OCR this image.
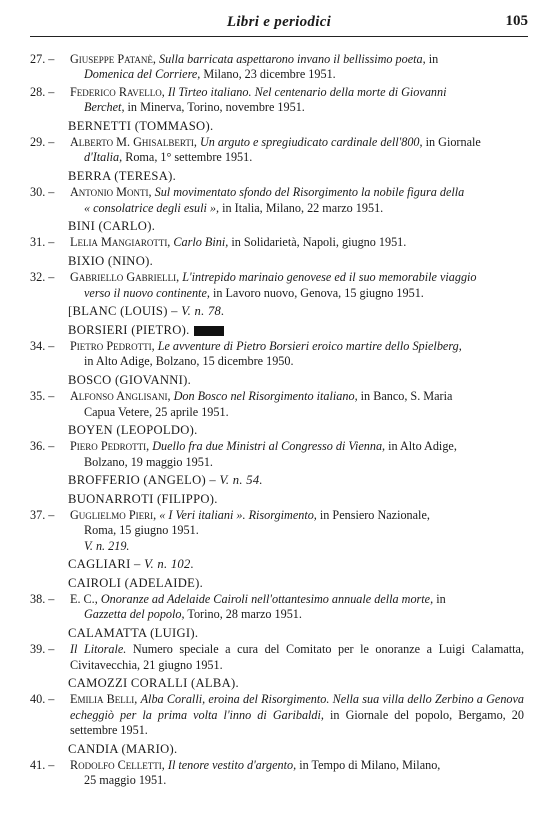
Libri e periodici	105
27. –	Giuseppe Patanè, Sulla barricata aspettarono invano il bellissimo poeta, in
Domenica del Corriere, Milano, 23 dicembre 1951.
28. –	Federico Ravello, Il Tirteo italiano. Nel centenario della morte di Giovanni
Berchet, in Minerva, Torino, novembre 1951.
BERNETTI (TOMMASO).
29. –	Alberto M. Ghisalberti, Un arguto e spregiudicato cardinale dell'800, in Giornale
d'Italia, Roma, 1° settembre 1951.
BERRA (TERESA).
30. –	Antonio Monti, Sul movimentato sfondo del Risorgimento la nobile figura della
« consolatrice degli esuli », in Italia, Milano, 22 marzo 1951.
BINI (CARLO).
31. –	Lelia Mangiarotti, Carlo Bini, in Solidarietà, Napoli, giugno 1951.
BIXIO (NINO).
32. –	Gabriello Gabrielli, L'intrepido marinaio genovese ed il suo memorabile viaggio
verso il nuovo continente, in Lavoro nuovo, Genova, 15 giugno 1951.
[BLANC (LOUIS) – V. n. 78.
BORSIERI (PIETRO).
34. –	Pietro Pedrotti, Le avventure di Pietro Borsieri eroico martire dello Spielberg,
in Alto Adige, Bolzano, 15 dicembre 1950.
BOSCO (GIOVANNI).
35. –	Alfonso Anglisani, Don Bosco nel Risorgimento italiano, in Banco, S. Maria
Capua Vetere, 25 aprile 1951.
BOYEN (LEOPOLDO).
36. –	Piero Pedrotti, Duello fra due Ministri al Congresso di Vienna, in Alto Adige,
Bolzano, 19 maggio 1951.
BROFFERIO (ANGELO) – V. n. 54.
BUONARROTI (FILIPPO).
37. –	Guglielmo Pieri, « I Veri italiani ». Risorgimento, in Pensiero Nazionale,
Roma, 15 giugno 1951.
V. n. 219.
CAGLIARI – V. n. 102.
CAIROLI (ADELAIDE).
38. –	E. C., Onoranze ad Adelaide Cairoli nell'ottantesimo annuale della morte, in
Gazzetta del popolo, Torino, 28 marzo 1951.
CALAMATTA (LUIGI).
39. –	Il Litorale. Numero speciale a cura del Comitato per le onoranze a Luigi Calamatta, Civitavecchia, 21 giugno 1951.
CAMOZZI CORALLI (ALBA).
40. –	Emilia Belli, Alba Coralli, eroina del Risorgimento. Nella sua villa dello Zerbino a Genova echeggiò per la prima volta l'inno di Garibaldi, in Giornale del popolo, Bergamo, 20 settembre 1951.
CANDIA (MARIO).
41. –	Rodolfo Celletti, Il tenore vestito d'argento, in Tempo di Milano, Milano,
25 maggio 1951.
